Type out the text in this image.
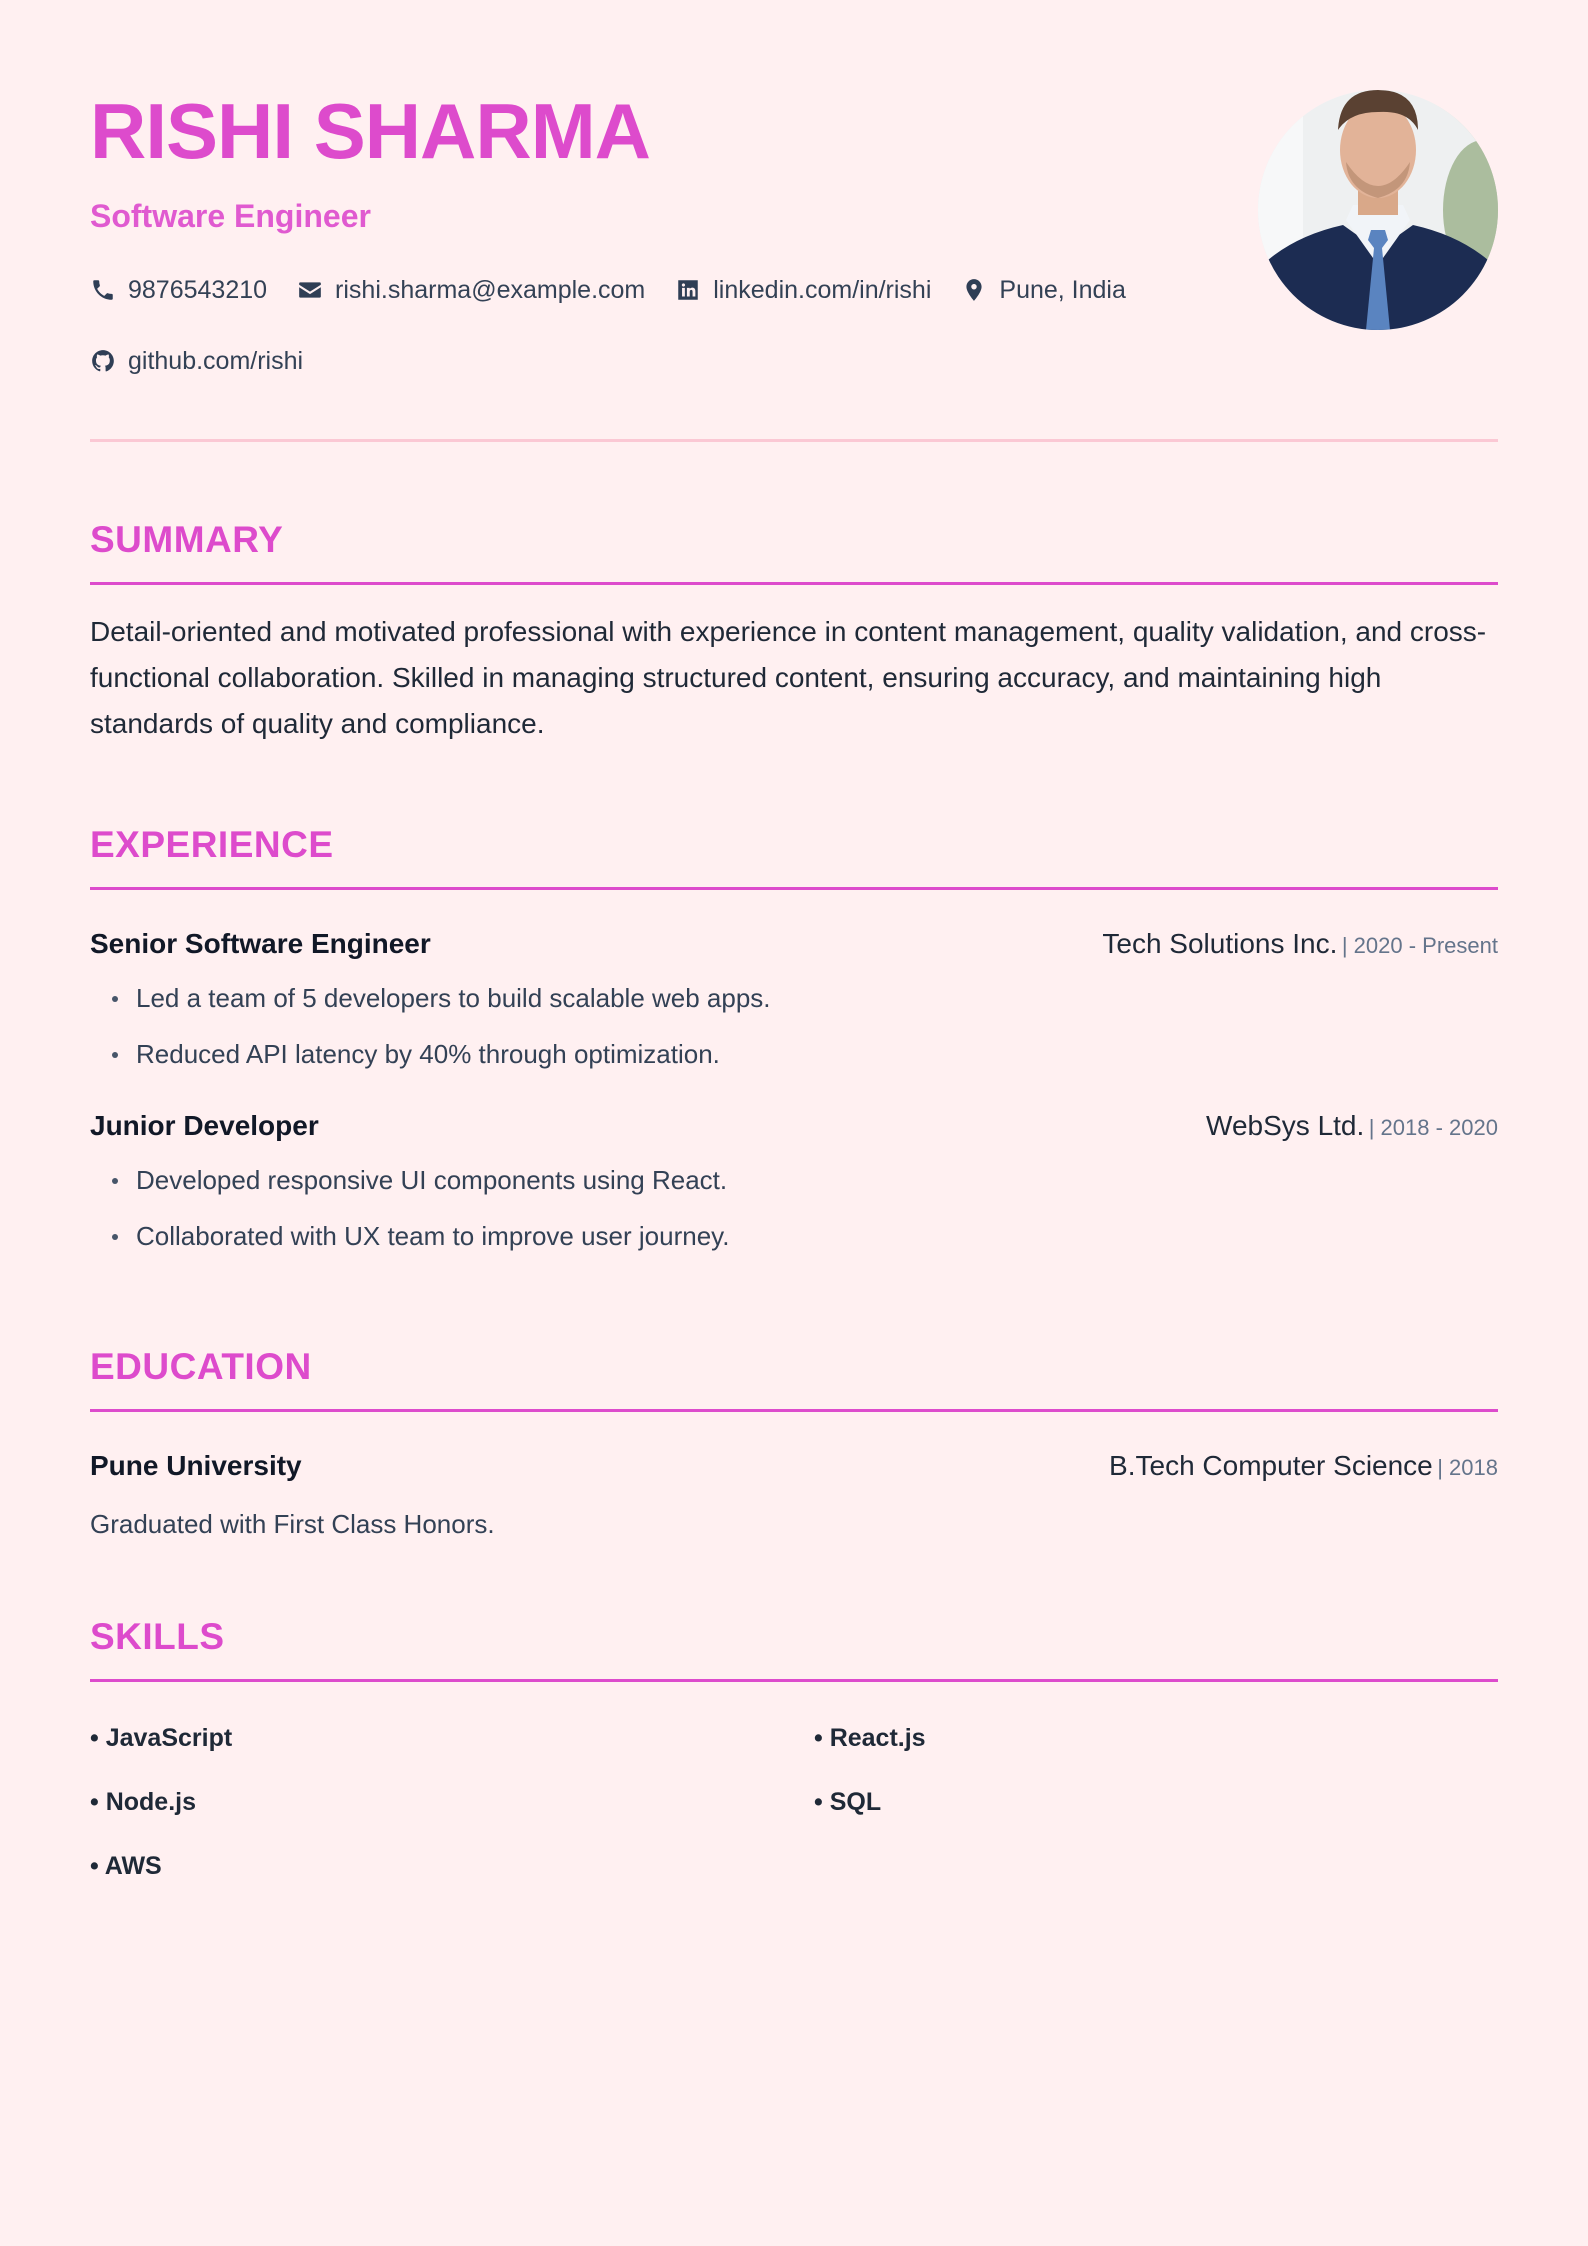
RISHI SHARMA
Software Engineer
9876543210	rishi.sharma@example.com	linkedin.com/in/rishi	Pune, India
github.com/rishi
SUMMARY

Detail-oriented and motivated professional with experience in content management, quality validation, and cross-functional collaboration. Skilled in managing structured content, ensuring accuracy, and maintaining high standards of quality and compliance.

EXPERIENCE
Senior Software Engineer	Tech Solutions Inc. | 2020 - Present
Led a team of 5 developers to build scalable web apps.
Reduced API latency by 40% through optimization.
Junior Developer	WebSys Ltd. | 2018 - 2020
Developed responsive UI components using React.
Collaborated with UX team to improve user journey.
EDUCATION
Pune University	B.Tech Computer Science | 2018
Graduated with First Class Honors.
SKILLS
• JavaScript	• React.js
• Node.js	• SQL
• AWS
